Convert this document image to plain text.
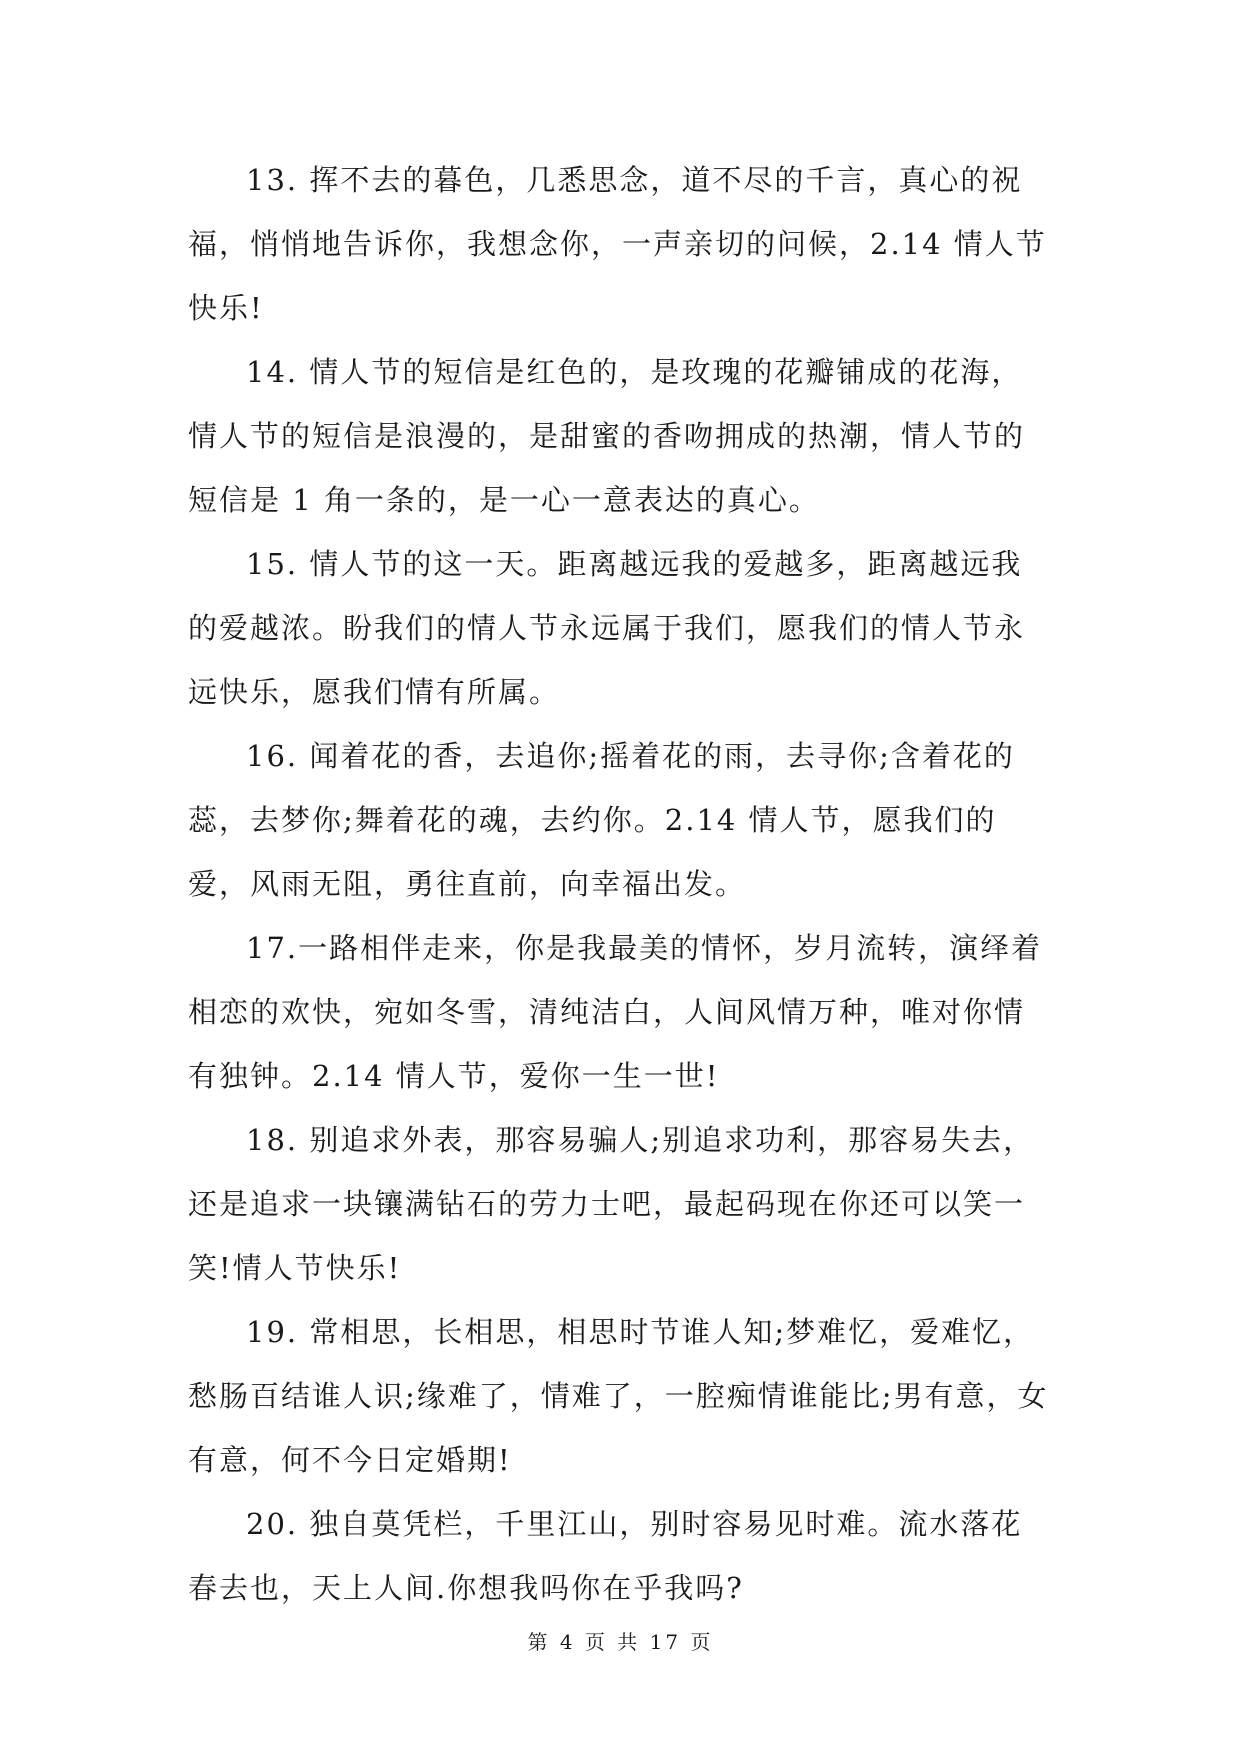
13. 挥不去的暮色，几悉思念，道不尽的千言，真心的祝福，悄悄地告诉你，我想念你，一声亲切的问候，2.14 情人节快乐!

14. 情人节的短信是红色的，是玫瑰的花瓣铺成的花海，情人节的短信是浪漫的，是甜蜜的香吻拥成的热潮，情人节的短信是 1 角一条的，是一心一意表达的真心。

15. 情人节的这一天。距离越远我的爱越多，距离越远我的爱越浓。盼我们的情人节永远属于我们，愿我们的情人节永远快乐，愿我们情有所属。

16. 闻着花的香，去追你;摇着花的雨，去寻你;含着花的蕊，去梦你;舞着花的魂，去约你。2.14 情人节，愿我们的爱，风雨无阻，勇往直前，向幸福出发。

17.一路相伴走来，你是我最美的情怀，岁月流转，演绎着相恋的欢快，宛如冬雪，清纯洁白，人间风情万种，唯对你情有独钟。2.14 情人节，爱你一生一世!

18. 别追求外表，那容易骗人;别追求功利，那容易失去，还是追求一块镶满钻石的劳力士吧，最起码现在你还可以笑一笑!情人节快乐!

19. 常相思，长相思，相思时节谁人知;梦难忆，爱难忆，愁肠百结谁人识;缘难了，情难了，一腔痴情谁能比;男有意，女有意，何不今日定婚期!

20. 独自莫凭栏，千里江山，别时容易见时难。流水落花春去也，天上人间.你想我吗你在乎我吗?

第 4 页 共 17 页
